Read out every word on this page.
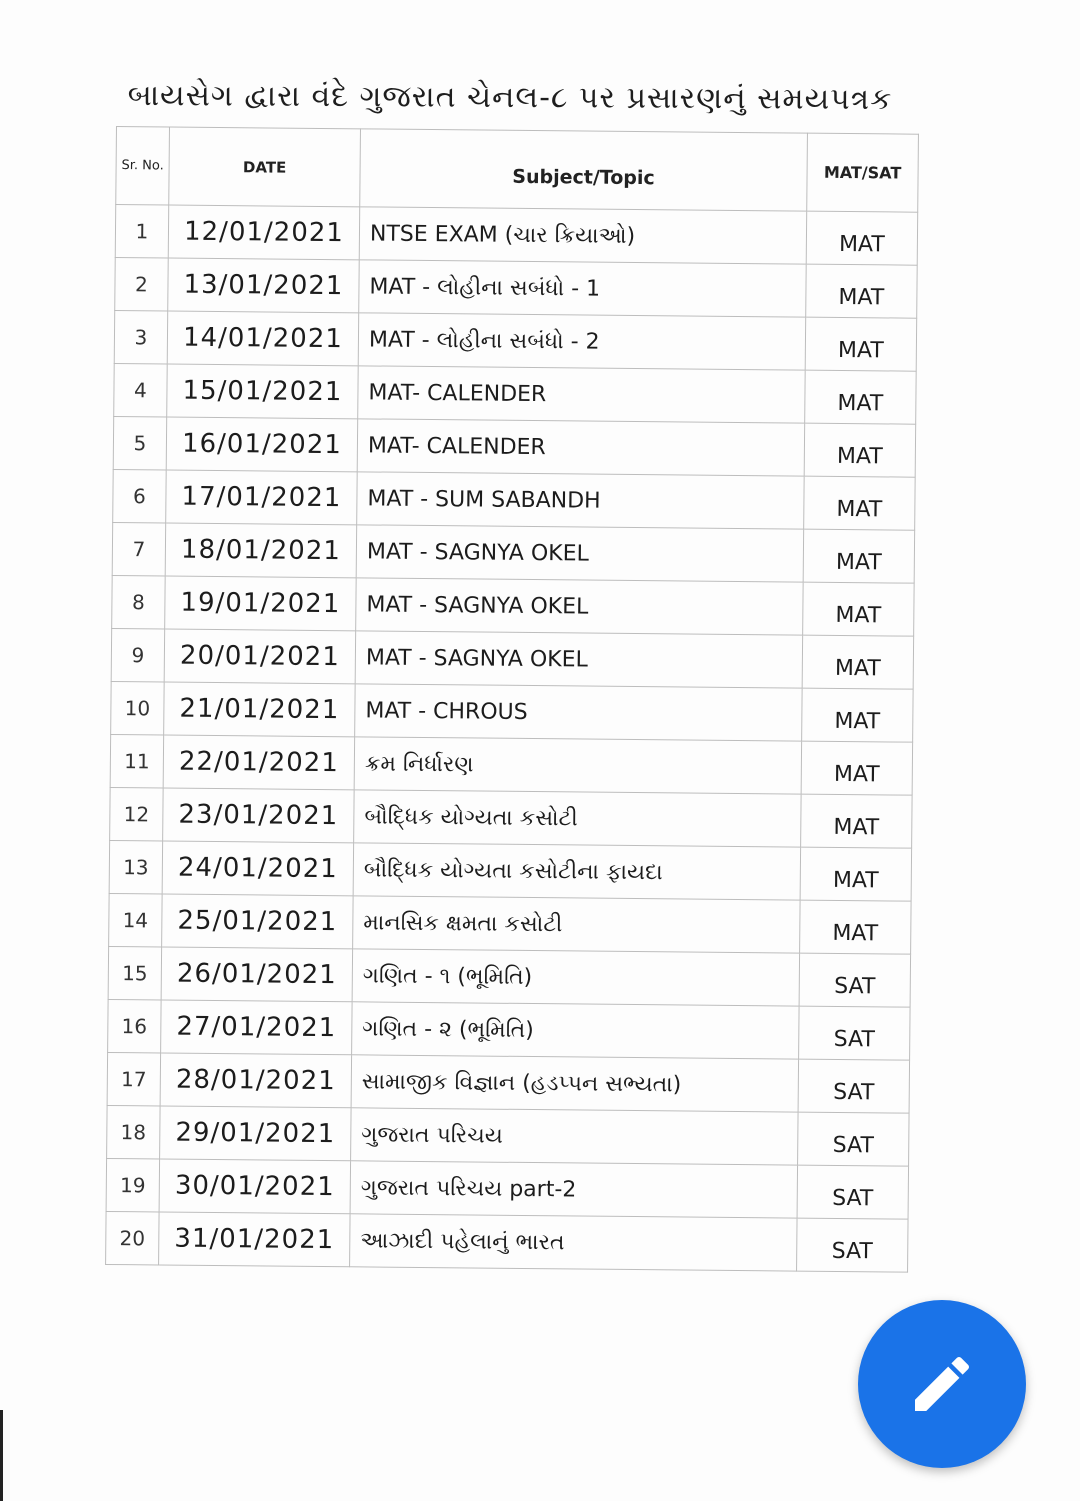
બાયસેગ દ્વારા વંદે ગુજરાત ચેનલ-૮ પર પ્રસારણનું સમયપત્રક
Sr. No.	DATE	Subject/Topic	MAT/SAT
1	12/01/2021	NTSE EXAM (ચાર ક્રિયાઓ)	MAT
2	13/01/2021	MAT - લોહીના સબંધો - 1	MAT
3	14/01/2021	MAT - લોહીના સબંધો - 2	MAT
4	15/01/2021	MAT- CALENDER	MAT
5	16/01/2021	MAT- CALENDER	MAT
6	17/01/2021	MAT - SUM SABANDH	MAT
7	18/01/2021	MAT - SAGNYA OKEL	MAT
8	19/01/2021	MAT - SAGNYA OKEL	MAT
9	20/01/2021	MAT - SAGNYA OKEL	MAT
10	21/01/2021	MAT - CHROUS	MAT
11	22/01/2021	ક્રમ નિર્ધારણ	MAT
12	23/01/2021	બૌદ્ધિક યોગ્યતા કસોટી	MAT
13	24/01/2021	બૌદ્ધિક યોગ્યતા કસોટીના ફાયદા	MAT
14	25/01/2021	માનસિક ક્ષમતા કસોટી	MAT
15	26/01/2021	ગણિત - ૧ (ભૂમિતિ)	SAT
16	27/01/2021	ગણિત - ૨ (ભૂમિતિ)	SAT
17	28/01/2021	સામાજીક વિજ્ઞાન (હડપ્પન સભ્યતા)	SAT
18	29/01/2021	ગુજરાત પરિચય	SAT
19	30/01/2021	ગુજરાત પરિચય part-2	SAT
20	31/01/2021	આઝાદી પહેલાનું ભારત	SAT
